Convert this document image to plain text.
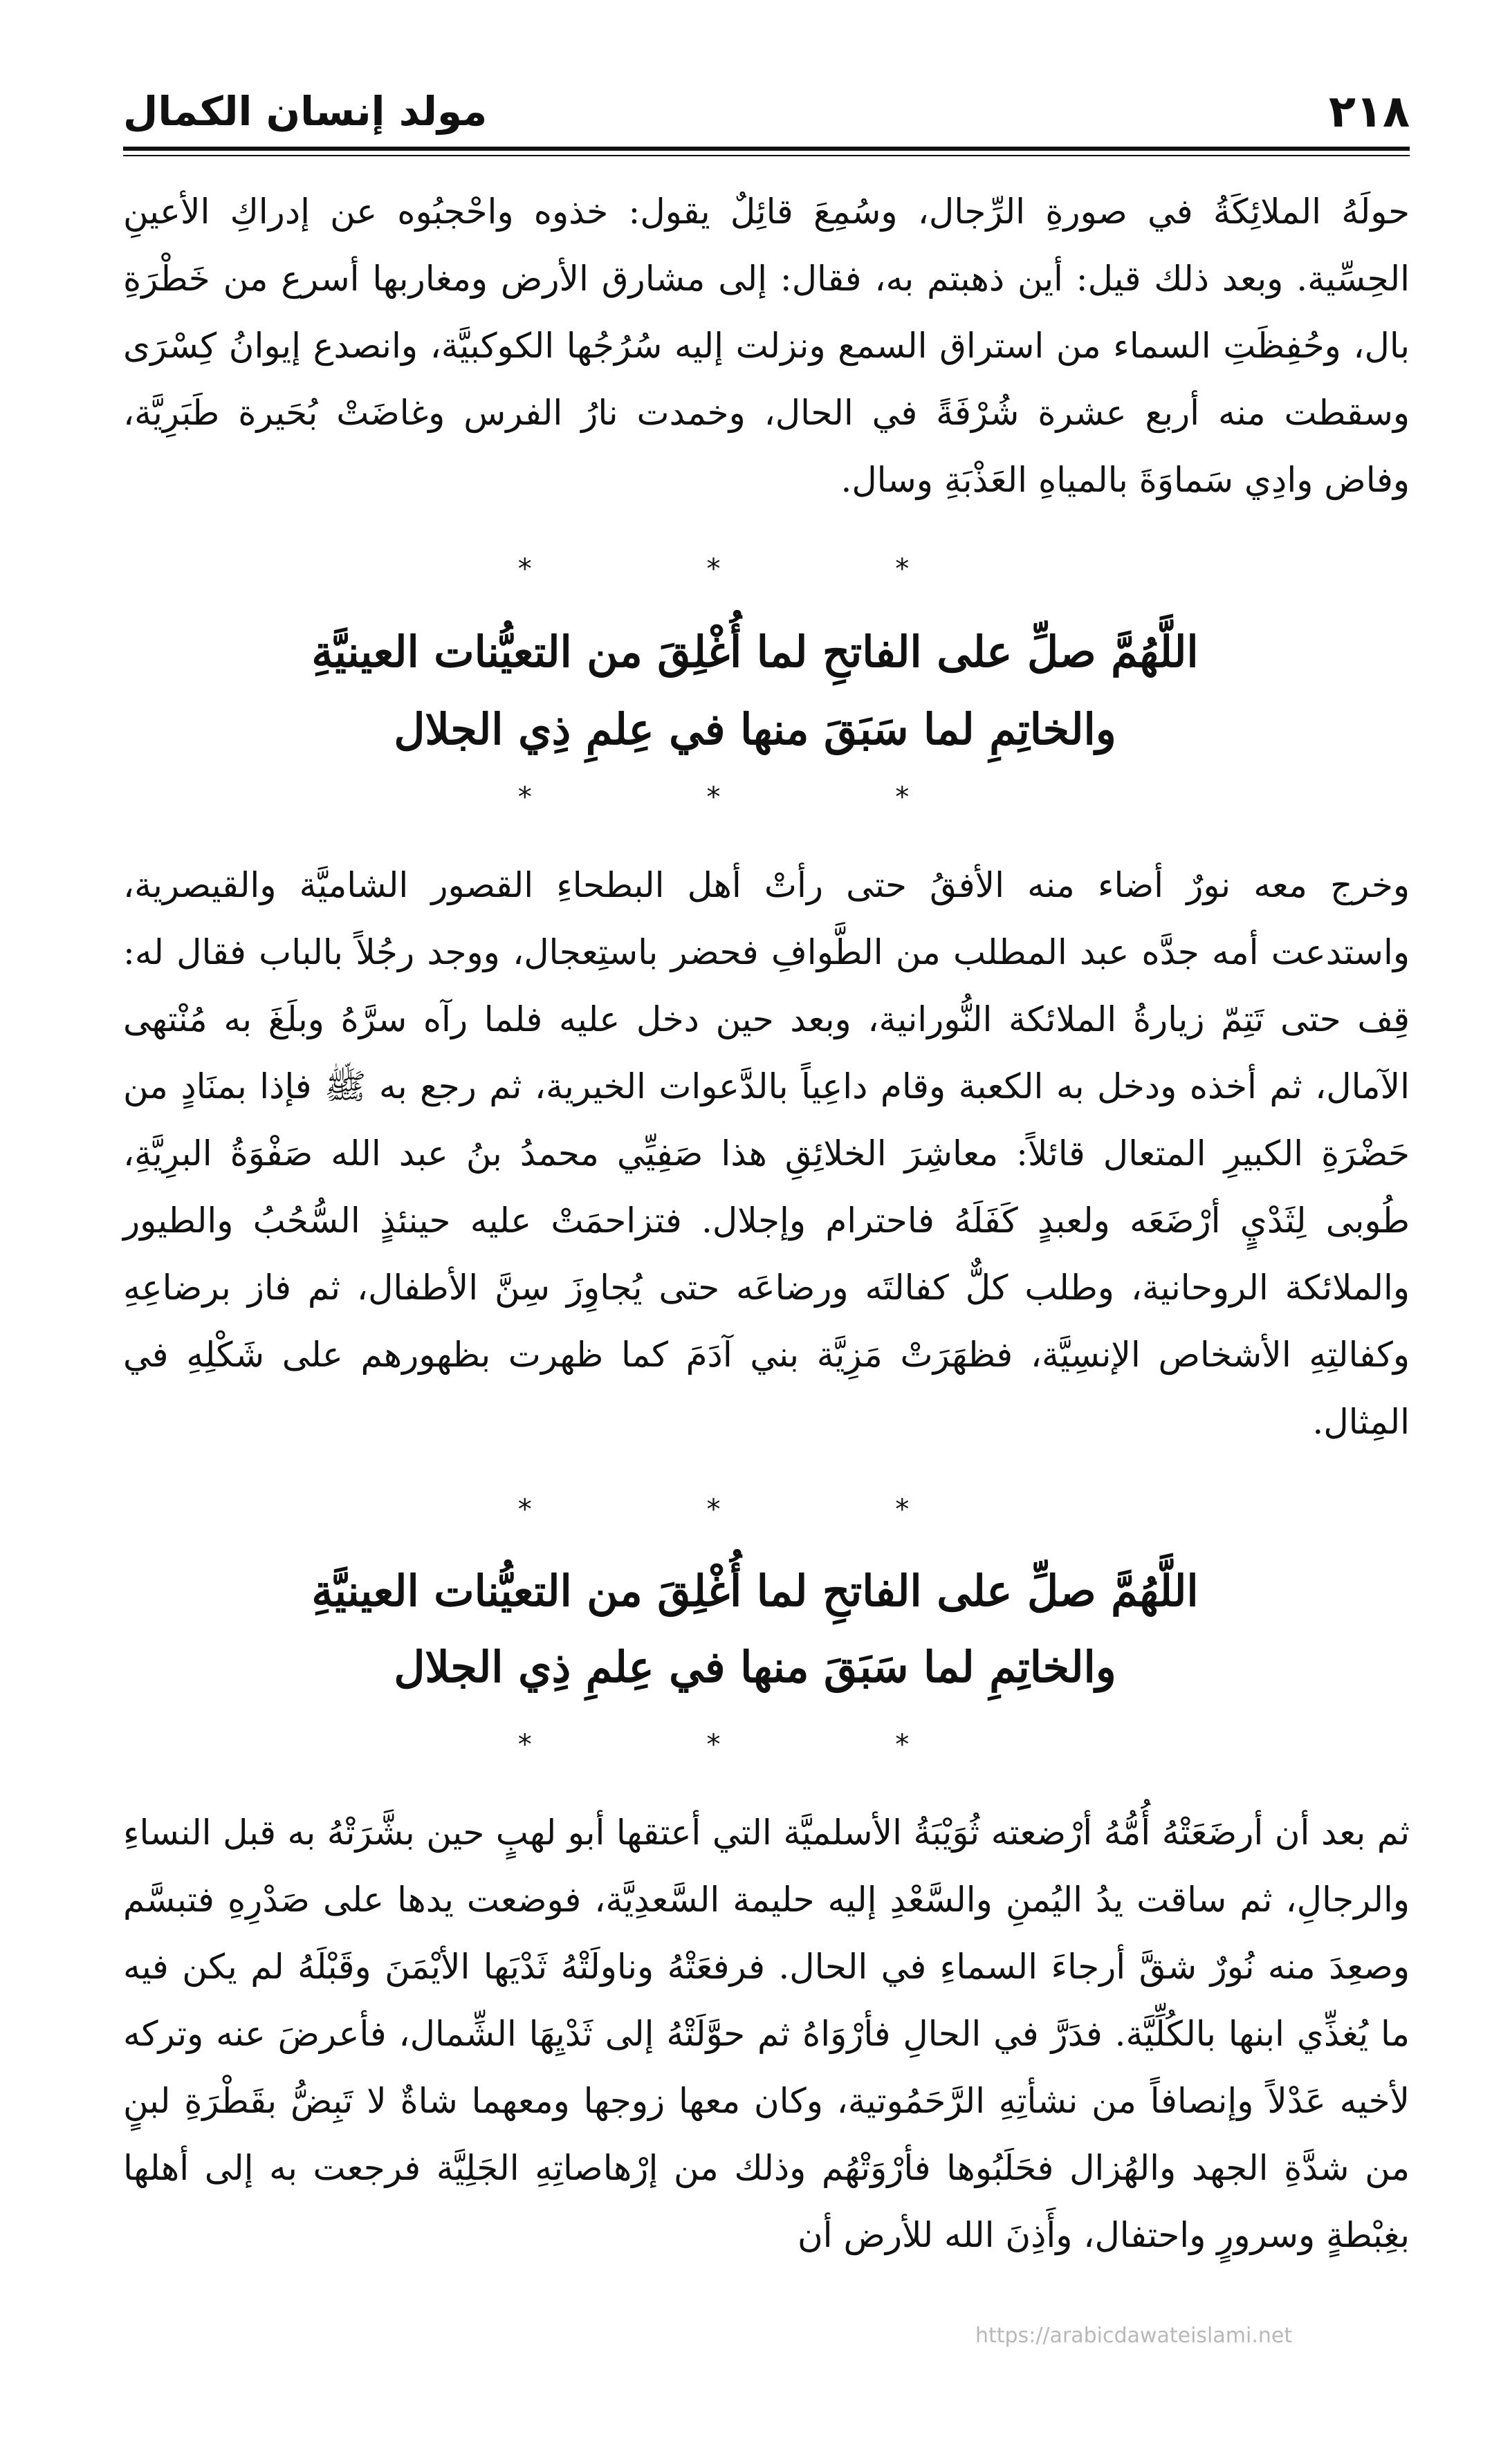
٢١٨
مولد إنسان الكمال

حولَهُ الملائِكَةُ في صورةِ الرِّجال، وسُمِعَ قائِلٌ يقول: خذوه واحْجبُوه عن إدراكِ الأعينِ الحِسِّية. وبعد ذلك قيل: أين ذهبتم به، فقال: إلى مشارق الأرض ومغاربها أسرع من خَطْرَةِ بال، وحُفِظَتِ السماء من استراق السمع ونزلت إليه سُرُجُها الكوكبيَّة، وانصدع إيوانُ كِسْرَى وسقطت منه أربع عشرة شُرْفَةً في الحال، وخمدت نارُ الفرس وغاضَتْ بُحَيرة طَبَرِيَّة، وفاض وادِي سَماوَةَ بالمياهِ العَذْبَةِ وسال.

* * *
اللَّهُمَّ صلِّ على الفاتحِ لما أُغْلِقَ من التعيُّنات العينيَّةِ
والخاتِمِ لما سَبَقَ منها في عِلمِ ذِي الجلال
* * *

وخرج معه نورٌ أضاء منه الأفقُ حتى رأتْ أهل البطحاءِ القصور الشاميَّة والقيصرية، واستدعت أمه جدَّه عبد المطلب من الطَّوافِ فحضر باستِعجال، ووجد رجُلاً بالباب فقال له: قِف حتى تَتِمّ زيارةُ الملائكة النُّورانية، وبعد حين دخل عليه فلما رآه سرَّهُ وبلَغَ به مُنْتهى الآمال، ثم أخذه ودخل به الكعبة وقام داعِياً بالدَّعوات الخيرية، ثم رجع به ﷺ فإذا بمنَادٍ من حَضْرَةِ الكبيرِ المتعال قائلاً: معاشِرَ الخلائِقِ هذا صَفِيِّي محمدُ بنُ عبد الله صَفْوَةُ البرِيَّةِ، طُوبى لِثَدْيٍ أرْضَعَه ولعبدٍ كَفَلَهُ فاحترام وإجلال. فتزاحمَتْ عليه حينئذٍ السُّحُبُ والطيور والملائكة الروحانية، وطلب كلٌّ كفالتَه ورضاعَه حتى يُجاوِزَ سِنَّ الأطفال، ثم فاز برضاعِهِ وكفالتِهِ الأشخاص الإنسِيَّة، فظهَرَتْ مَزِيَّة بني آدَمَ كما ظهرت بظهورهم على شَكْلِهِ في المِثال.

* * *
اللَّهُمَّ صلِّ على الفاتحِ لما أُغْلِقَ من التعيُّنات العينيَّةِ
والخاتِمِ لما سَبَقَ منها في عِلمِ ذِي الجلال
* * *

ثم بعد أن أرضَعَتْهُ أُمُّهُ أرْضعته ثُوَيْبَةُ الأسلميَّة التي أعتقها أبو لهبٍ حين بشَّرَتْهُ به قبل النساءِ والرجالِ، ثم ساقت يدُ اليُمنِ والسَّعْدِ إليه حليمة السَّعدِيَّة، فوضعت يدها على صَدْرِهِ فتبسَّم وصعِدَ منه نُورٌ شقَّ أرجاءَ السماءِ في الحال. فرفعَتْهُ وناولَتْهُ ثَدْيَها الأيْمَنَ وقَبْلَهُ لم يكن فيه ما يُغذِّي ابنها بالكُلِّيَّة. فدَرَّ في الحالِ فأرْوَاهُ ثم حوَّلَتْهُ إلى ثَدْيِهَا الشِّمال، فأعرضَ عنه وتركه لأخيه عَدْلاً وإنصافاً من نشأتِهِ الرَّحَمُوتية، وكان معها زوجها ومعهما شاةٌ لا تَبِضُّ بقَطْرَةِ لبنٍ من شدَّةِ الجهد والهُزال فحَلَبُوها فأرْوَتْهُم وذلك من إرْهاصاتِهِ الجَلِيَّة فرجعت به إلى أهلها بغِبْطةٍ وسرورٍ واحتفال، وأَذِنَ الله للأرض أن

https://arabicdawateislami.net
